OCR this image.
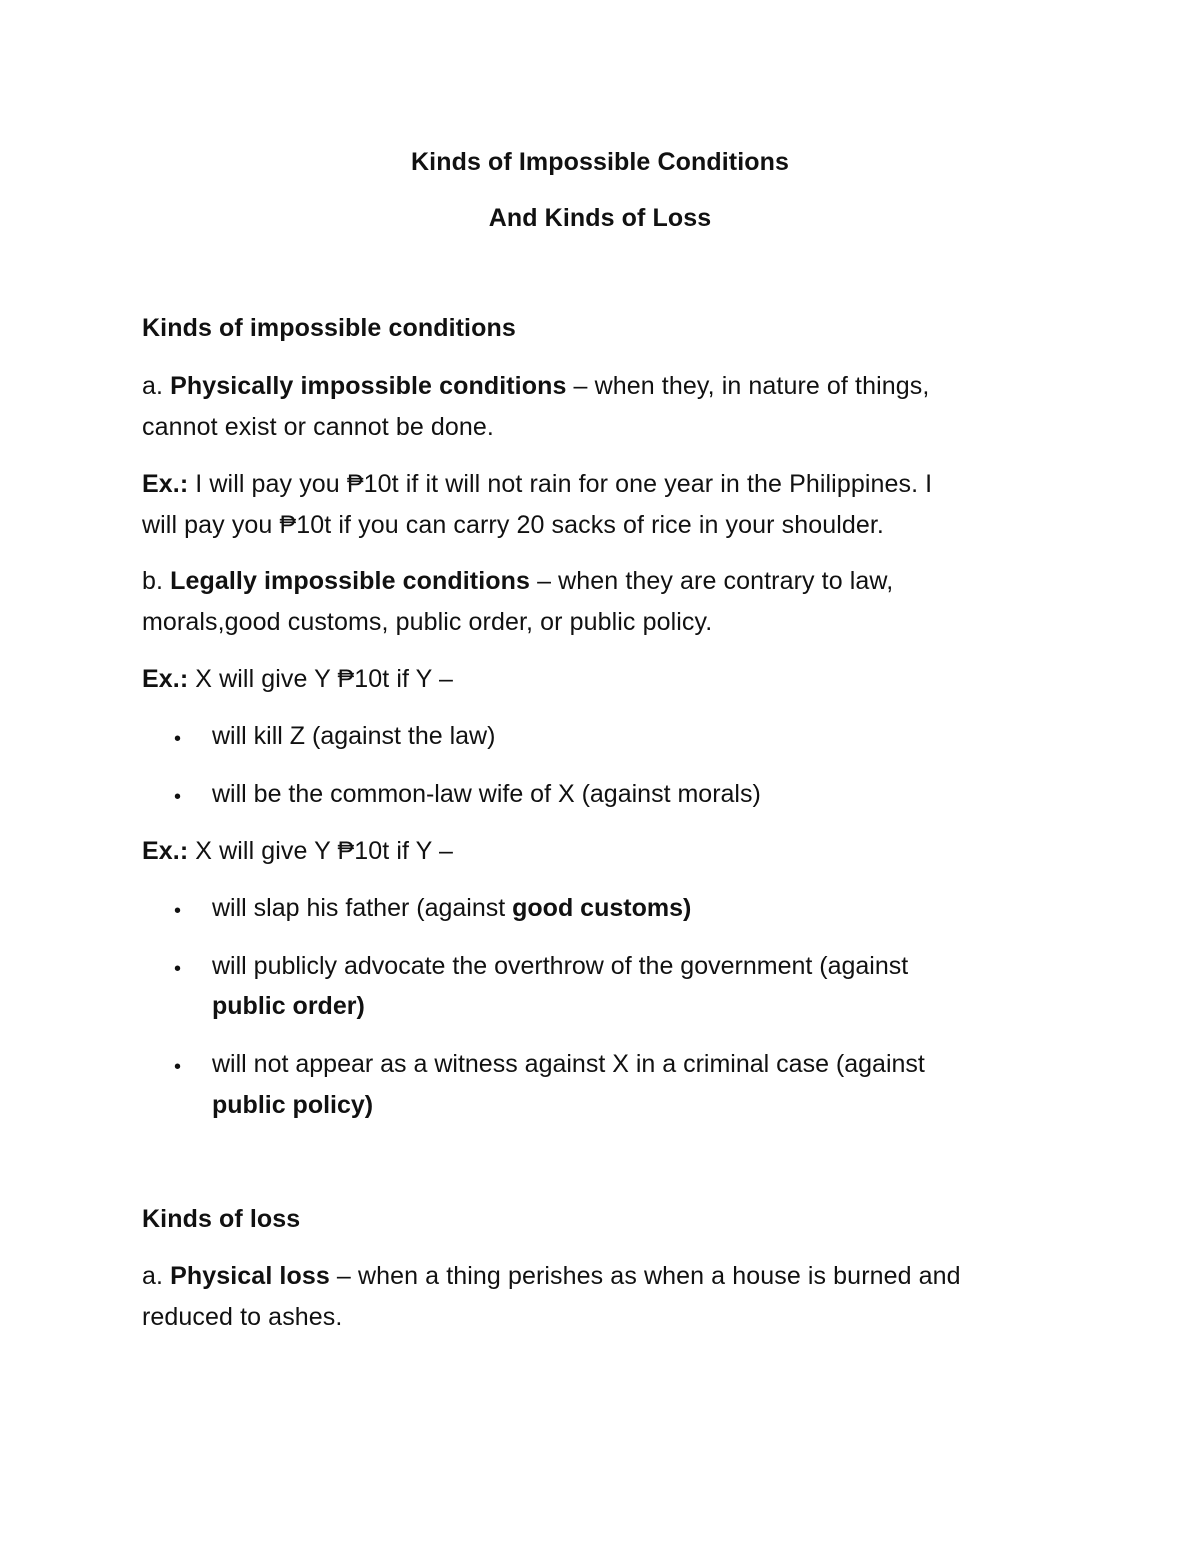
Kinds of Impossible Conditions
And Kinds of Loss
Kinds of impossible conditions
a. Physically impossible conditions – when they, in nature of things,
cannot exist or cannot be done.
Ex.: I will pay you ₱10t if it will not rain for one year in the Philippines. I
will pay you ₱10t if you can carry 20 sacks of rice in your shoulder.
b. Legally impossible conditions – when they are contrary to law,
morals,good customs, public order, or public policy.
Ex.: X will give Y ₱10t if Y –
• will kill Z (against the law)
• will be the common-law wife of X (against morals)
Ex.: X will give Y ₱10t if Y –
• will slap his father (against good customs)
• will publicly advocate the overthrow of the government (against
public order)
• will not appear as a witness against X in a criminal case (against
public policy)
Kinds of loss
a. Physical loss – when a thing perishes as when a house is burned and
reduced to ashes.
